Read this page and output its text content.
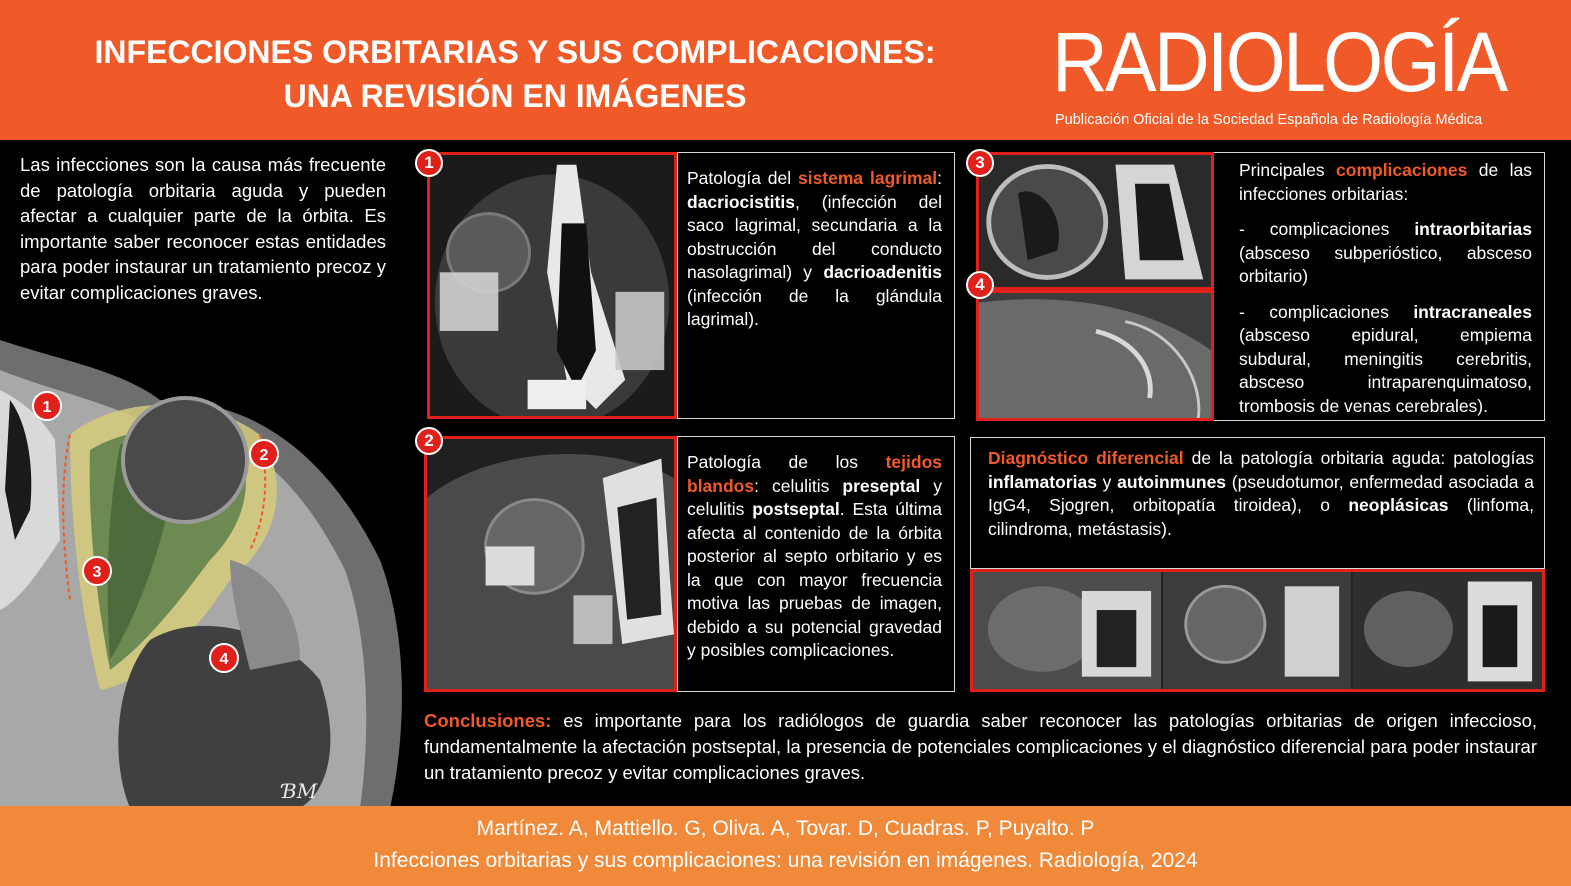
INFECCIONES ORBITARIAS Y SUS COMPLICACIONES:
UNA REVISIÓN EN IMÁGENES	RADIOLOGÍA
Publicación Oficial de la Sociedad Española de Radiología Médica
Las infecciones son la causa más frecuente de patología orbitaria aguda y pueden afectar a cualquier parte de la órbita. Es importante saber reconocer estas entidades para poder instaurar un tratamiento precoz y evitar complicaciones graves.
1
2
3
4
ƁM
1
Patología del sistema lagrimal: dacriocistitis, (infección del saco lagrimal, secundaria a la obstrucción del conducto nasolagrimal) y dacrioadenitis (infección de la glándula lagrimal).
2
Patología de los tejidos blandos: celulitis preseptal y celulitis postseptal. Esta última afecta al contenido de la órbita posterior al septo orbitario y es la que con mayor frecuencia motiva las pruebas de imagen, debido a su potencial gravedad y posibles complicaciones.
3
4
Principales complicaciones de las infecciones orbitarias:
- complicaciones intraorbitarias (absceso subperióstico, absceso orbitario)
- complicaciones intracraneales (absceso epidural, empiema subdural, meningitis cerebritis, absceso intraparenquimatoso, trombosis de venas cerebrales).
Diagnóstico diferencial de la patología orbitaria aguda: patologías inflamatorias y autoinmunes (pseudotumor, enfermedad asociada a IgG4, Sjogren, orbitopatía tiroidea), o neoplásicas (linfoma, cilindroma, metástasis).
Conclusiones: es importante para los radiólogos de guardia saber reconocer las patologías orbitarias de origen infeccioso, fundamentalmente la afectación postseptal, la presencia de potenciales complicaciones y el diagnóstico diferencial para poder instaurar un tratamiento precoz y evitar complicaciones graves.
Martínez. A, Mattiello. G, Oliva. A, Tovar. D, Cuadras. P, Puyalto. P
Infecciones orbitarias y sus complicaciones: una revisión en imágenes. Radiología, 2024
